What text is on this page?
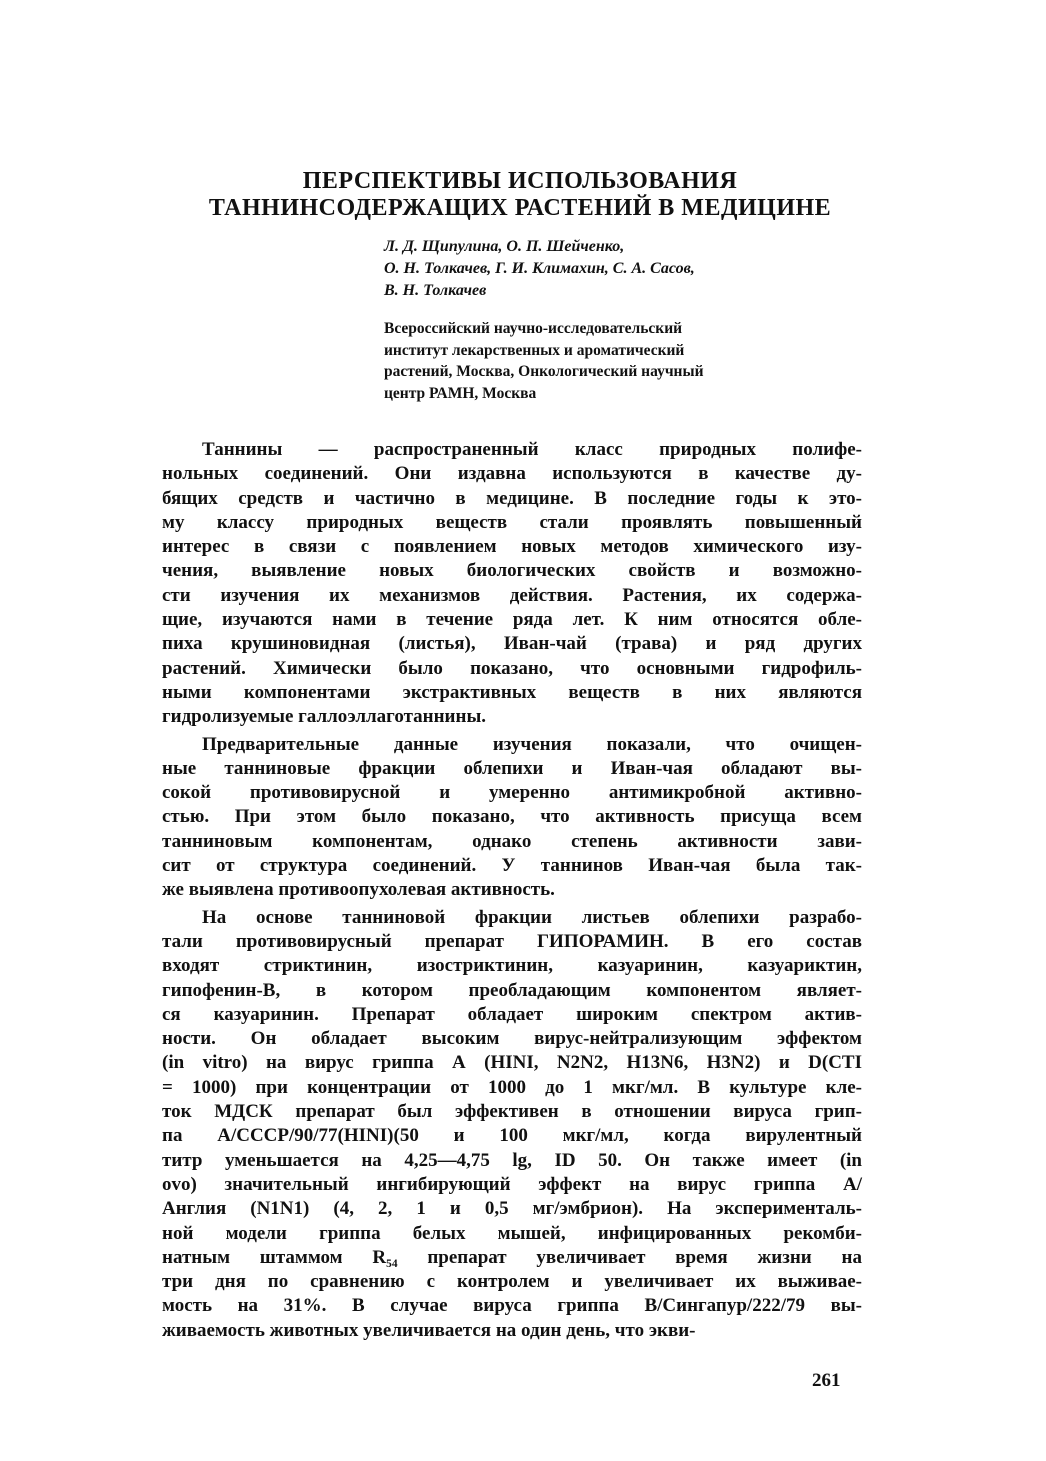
ПЕРСПЕКТИВЫ ИСПОЛЬЗОВАНИЯ
ТАННИНСОДЕРЖАЩИХ РАСТЕНИЙ В МЕДИЦИНЕ
Л. Д. Щипулина, О. П. Шейченко,
О. Н. Толкачев, Г. И. Климахин, С. А. Сасов,
В. Н. Толкачев
Всероссийский научно-исследовательский
институт лекарственных и ароматический
растений, Москва, Онкологический научный
центр РАМН, Москва
Таннины — распространенный класс природных полифе-
нольных соединений. Они издавна используются в качестве ду-
бящих средств и частично в медицине. В последние годы к это-
му классу природных веществ стали проявлять повышенный
интерес в связи с появлением новых методов химического изу-
чения, выявление новых биологических свойств и возможно-
сти изучения их механизмов действия. Растения, их содержа-
щие, изучаются нами в течение ряда лет. К ним относятся обле-
пиха крушиновидная (листья), Иван-чай (трава) и ряд других
растений. Химически было показано, что основными гидрофиль-
ными компонентами экстрактивных веществ в них являются
гидролизуемые галлоэллаготаннины.
Предварительные данные изучения показали, что очищен-
ные таннинoвые фракции облепихи и Иван-чая обладают вы-
сокой противовирусной и умеренно антимикробной активно-
стью. При этом было показано, что активность присуща всем
таннинoвым компонентам, однако степень активности зави-
сит от структура соединений. У таннинов Иван-чая была так-
же выявлена противоопухолевая активность.
На основе таннинoвой фракции листьев облепихи разрабо-
тали противовирусный препарат ГИПОРАМИН. В его состав
входят стриктинин, изостриктинин, казуаринин, казуариктин,
гипофенин-В, в котором преобладающим компонентом являет-
ся казуаринин. Препарат обладает широким спектром актив-
ности. Он обладает высоким вирус-нейтрализующим эффектом
(in vitro) на вирус гриппа А (HINI, N2N2, H13N6, H3N2) и D(CTI
= 1000) при концентрации от 1000 до 1 мкг/мл. В культуре кле-
ток МДСК препарат был эффективен в отношении вируса грип-
па А/СССР/90/77(HINI)(50 и 100 мкг/мл, когда вирулентный
титр уменьшается на 4,25—4,75 lg, ID 50. Он также имеет (in
ovo) значительный ингибирующий эффект на вирус гриппа А/
Англия (N1N1) (4, 2, 1 и 0,5 мг/эмбрион). На эксперименталь-
ной модели гриппа белых мышей, инфицированных рекомби-
натным штаммом R₅₄ препарат увеличивает время жизни на
три дня по сравнению с контролем и увеличивает их выживае-
мость на 31%. В случае вируса гриппа В/Сингапур/222/79 вы-
живаемость животных увеличивается на один день, что экви-
261
